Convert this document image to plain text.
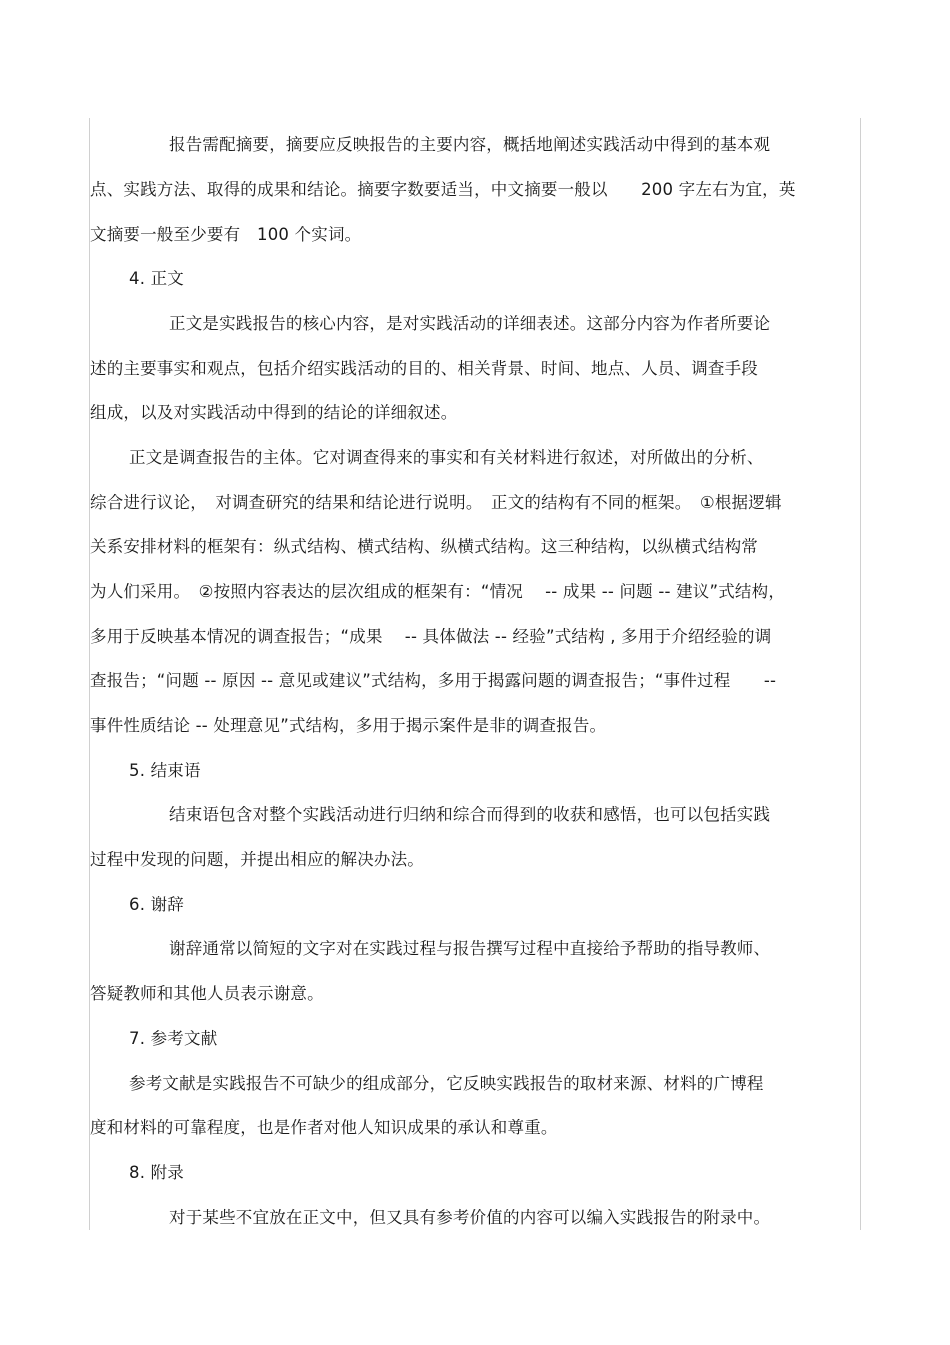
报告需配摘要，摘要应反映报告的主要内容，概括地阐述实践活动中得到的基本观
点、实践方法、取得的成果和结论。摘要字数要适当，中文摘要一般以　　200 字左右为宜，英
文摘要一般至少要有　100 个实词。
4. 正文
正文是实践报告的核心内容，是对实践活动的详细表述。这部分内容为作者所要论
述的主要事实和观点，包括介绍实践活动的目的、相关背景、时间、地点、人员、调查手段
组成，以及对实践活动中得到的结论的详细叙述。
正文是调查报告的主体。它对调查得来的事实和有关材料进行叙述，对所做出的分析、
综合进行议论，　对调查研究的结果和结论进行说明。　正文的结构有不同的框架。　①根据逻辑
关系安排材料的框架有：纵式结构、横式结构、纵横式结构。这三种结构，以纵横式结构常
为人们采用。　②按照内容表达的层次组成的框架有：“情况　 -- 成果 -- 问题 -- 建议”式结构，
多用于反映基本情况的调查报告；“成果　 -- 具体做法 -- 经验”式结构 , 多用于介绍经验的调
查报告；“问题 -- 原因 -- 意见或建议”式结构，多用于揭露问题的调查报告；“事件过程　　--
事件性质结论 -- 处理意见”式结构，多用于揭示案件是非的调查报告。
5. 结束语
结束语包含对整个实践活动进行归纳和综合而得到的收获和感悟，也可以包括实践
过程中发现的问题，并提出相应的解决办法。
6. 谢辞
谢辞通常以简短的文字对在实践过程与报告撰写过程中直接给予帮助的指导教师、
答疑教师和其他人员表示谢意。
7. 参考文献
参考文献是实践报告不可缺少的组成部分，它反映实践报告的取材来源、材料的广博程
度和材料的可靠程度，也是作者对他人知识成果的承认和尊重。
8. 附录
对于某些不宜放在正文中，但又具有参考价值的内容可以编入实践报告的附录中。
